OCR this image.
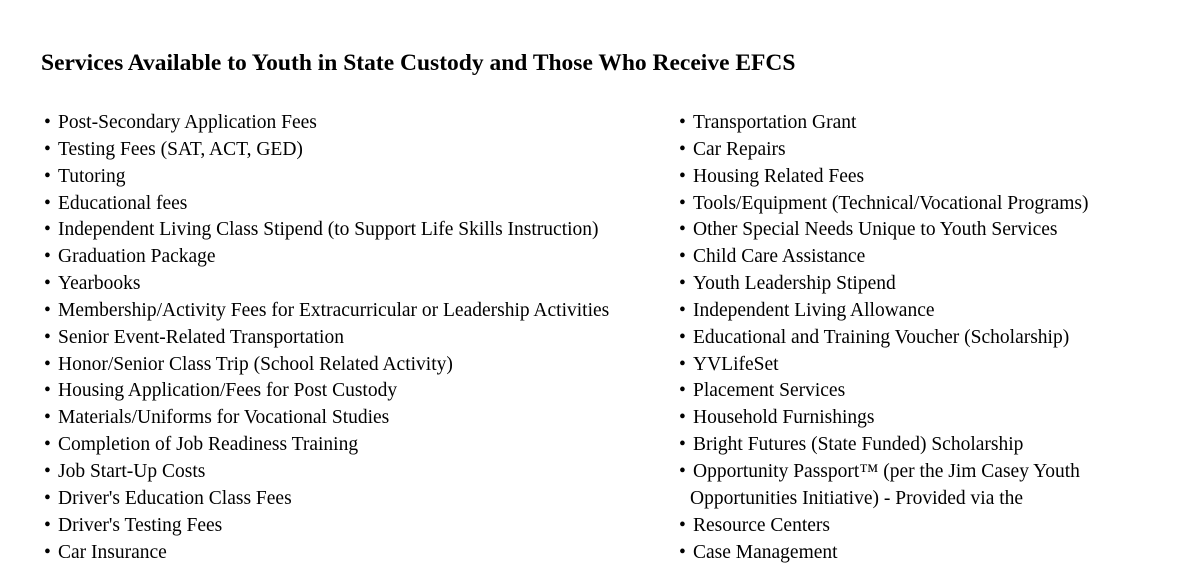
Services Available to Youth in State Custody and Those Who Receive EFCS
• Post-Secondary Application Fees
• Testing Fees (SAT, ACT, GED)
• Tutoring
• Educational fees
• Independent Living Class Stipend (to Support Life Skills Instruction)
• Graduation Package
• Yearbooks
• Membership/Activity Fees for Extracurricular or Leadership Activities
• Senior Event-Related Transportation
• Honor/Senior Class Trip (School Related Activity)
• Housing Application/Fees for Post Custody
• Materials/Uniforms for Vocational Studies
• Completion of Job Readiness Training
• Job Start-Up Costs
• Driver's Education Class Fees
• Driver's Testing Fees
• Car Insurance
• Transportation Grant
• Car Repairs
• Housing Related Fees
• Tools/Equipment (Technical/Vocational Programs)
• Other Special Needs Unique to Youth Services
• Child Care Assistance
• Youth Leadership Stipend
• Independent Living Allowance
• Educational and Training Voucher (Scholarship)
• YVLifeSet
• Placement Services
• Household Furnishings
• Bright Futures (State Funded) Scholarship
• Opportunity Passport™ (per the Jim Casey Youth
Opportunities Initiative) - Provided via the
• Resource Centers
• Case Management
